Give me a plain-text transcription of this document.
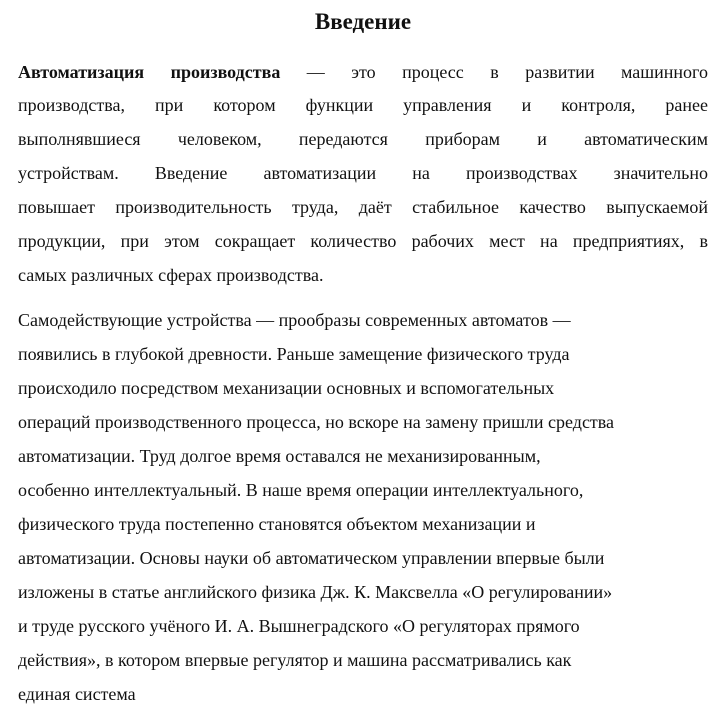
Введение
Автоматизация производства — это процесс в развитии машинного
производства, при котором функции управления и контроля, ранее
выполнявшиеся человеком, передаются приборам и автоматическим
устройствам. Введение автоматизации на производствах значительно
повышает производительность труда, даёт стабильное качество выпускаемой
продукции, при этом сокращает количество рабочих мест на предприятиях, в
самых различных сферах производства.
Самодействующие устройства — прообразы современных автоматов —
появились в глубокой древности. Раньше замещение физического труда
происходило посредством механизации основных и вспомогательных
операций производственного процесса, но вскоре на замену пришли средства
автоматизации. Труд долгое время оставался не механизированным,
особенно интеллектуальный. В наше время операции интеллектуального,
физического труда постепенно становятся объектом механизации и
автоматизации. Основы науки об автоматическом управлении впервые были
изложены в статье английского физика Дж. К. Максвелла «О регулировании»
и труде русского учёного И. А. Вышнеградского «О регуляторах прямого
действия», в котором впервые регулятор и машина рассматривались как
единая система
